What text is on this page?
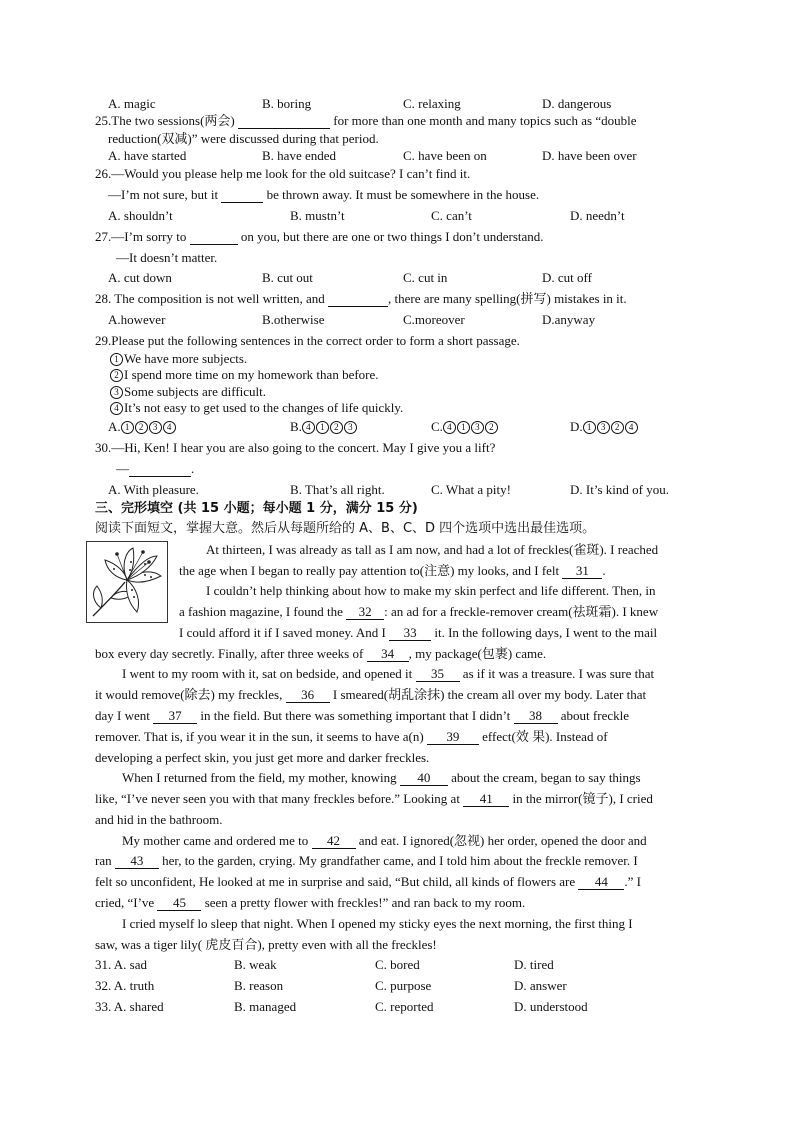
A. magic	B. boring	C. relaxing	D. dangerous
25.The two sessions(两会)	for more than one month and many topics such as “double
reduction(双减)” were discussed during that period.
A. have started	B. have ended	C. have been on	D. have been over
26.—Would you please help me look for the old suitcase? I can’t find it.
—I’m not sure, but it	be thrown away. It must be somewhere in the house.
A. shouldn’t	B. mustn’t	C. can’t	D. needn’t
27.—I’m sorry to	on you, but there are one or two things I don’t understand.
—It doesn’t matter.
A. cut down	B. cut out	C. cut in	D. cut off
28. The composition is not well written, and	, there are many spelling(拼写) mistakes in it.
A.however	B.otherwise	C.moreover	D.anyway
29.Please put the following sentences in the correct order to form a short passage.
1 We have more subjects.
2 I spend more time on my homework than before.
3 Some subjects are difficult.
4 It’s not easy to get used to the changes of life quickly.
A. 1 2 3 4	B. 4 1 2 3	C. 4 1 3 2	D. 1 3 2 4
30.—Hi, Ken! I hear you are also going to the concert. May I give you a lift?
—	.
A. With pleasure.	B. That’s all right.	C. What a pity!	D. It’s kind of you.
三、完形填空 (共 15 小题；每小题 1 分，满分 15 分)
阅读下面短文，掌握大意。然后从每题所给的 A、B、C、D 四个选项中选出最佳选项。
At thirteen, I was already as tall as I am now, and had a lot of freckles(雀斑). I reached
the age when I began to really pay attention to(注意) my looks, and I felt 31 .
I couldn’t help thinking about how to make my skin perfect and life different. Then, in
a fashion magazine, I found the 32 : an ad for a freckle-remover cream(祛斑霜). I knew
I could afford it if I saved money. And I 33 it. In the following days, I went to the mail
box every day secretly. Finally, after three weeks of 34 , my package(包裹) came.
I went to my room with it, sat on bedside, and opened it 35 as if it was a treasure. I was sure that
it would remove(除去) my freckles, 36 I smeared(胡乱涂抹) the cream all over my body. Later that
day I went 37 in the field. But there was something important that I didn’t 38 about freckle
remover. That is, if you wear it in the sun, it seems to have a(n) 39 effect(效 果). Instead of
developing a perfect skin, you just get more and darker freckles.
When I returned from the field, my mother, knowing 40 about the cream, began to say things
like, “I’ve never seen you with that many freckles before.” Looking at 41 in the mirror(镜子), I cried
and hid in the bathroom.
My mother came and ordered me to 42 and eat. I ignored(忽视) her order, opened the door and
ran 43 her, to the garden, crying. My grandfather came, and I told him about the freckle remover. I
felt so unconfident, He looked at me in surprise and said, “But child, all kinds of flowers are 44 .” I
cried, “I’ve 45 seen a pretty flower with freckles!” and ran back to my room.
I cried myself lo sleep that night. When I opened my sticky eyes the next morning, the first thing I
saw, was a tiger lily( 虎皮百合), pretty even with all the freckles!
31. A. sad	B. weak	C. bored	D. tired
32. A. truth	B. reason	C. purpose	D. answer
33. A. shared	B. managed	C. reported	D. understood
